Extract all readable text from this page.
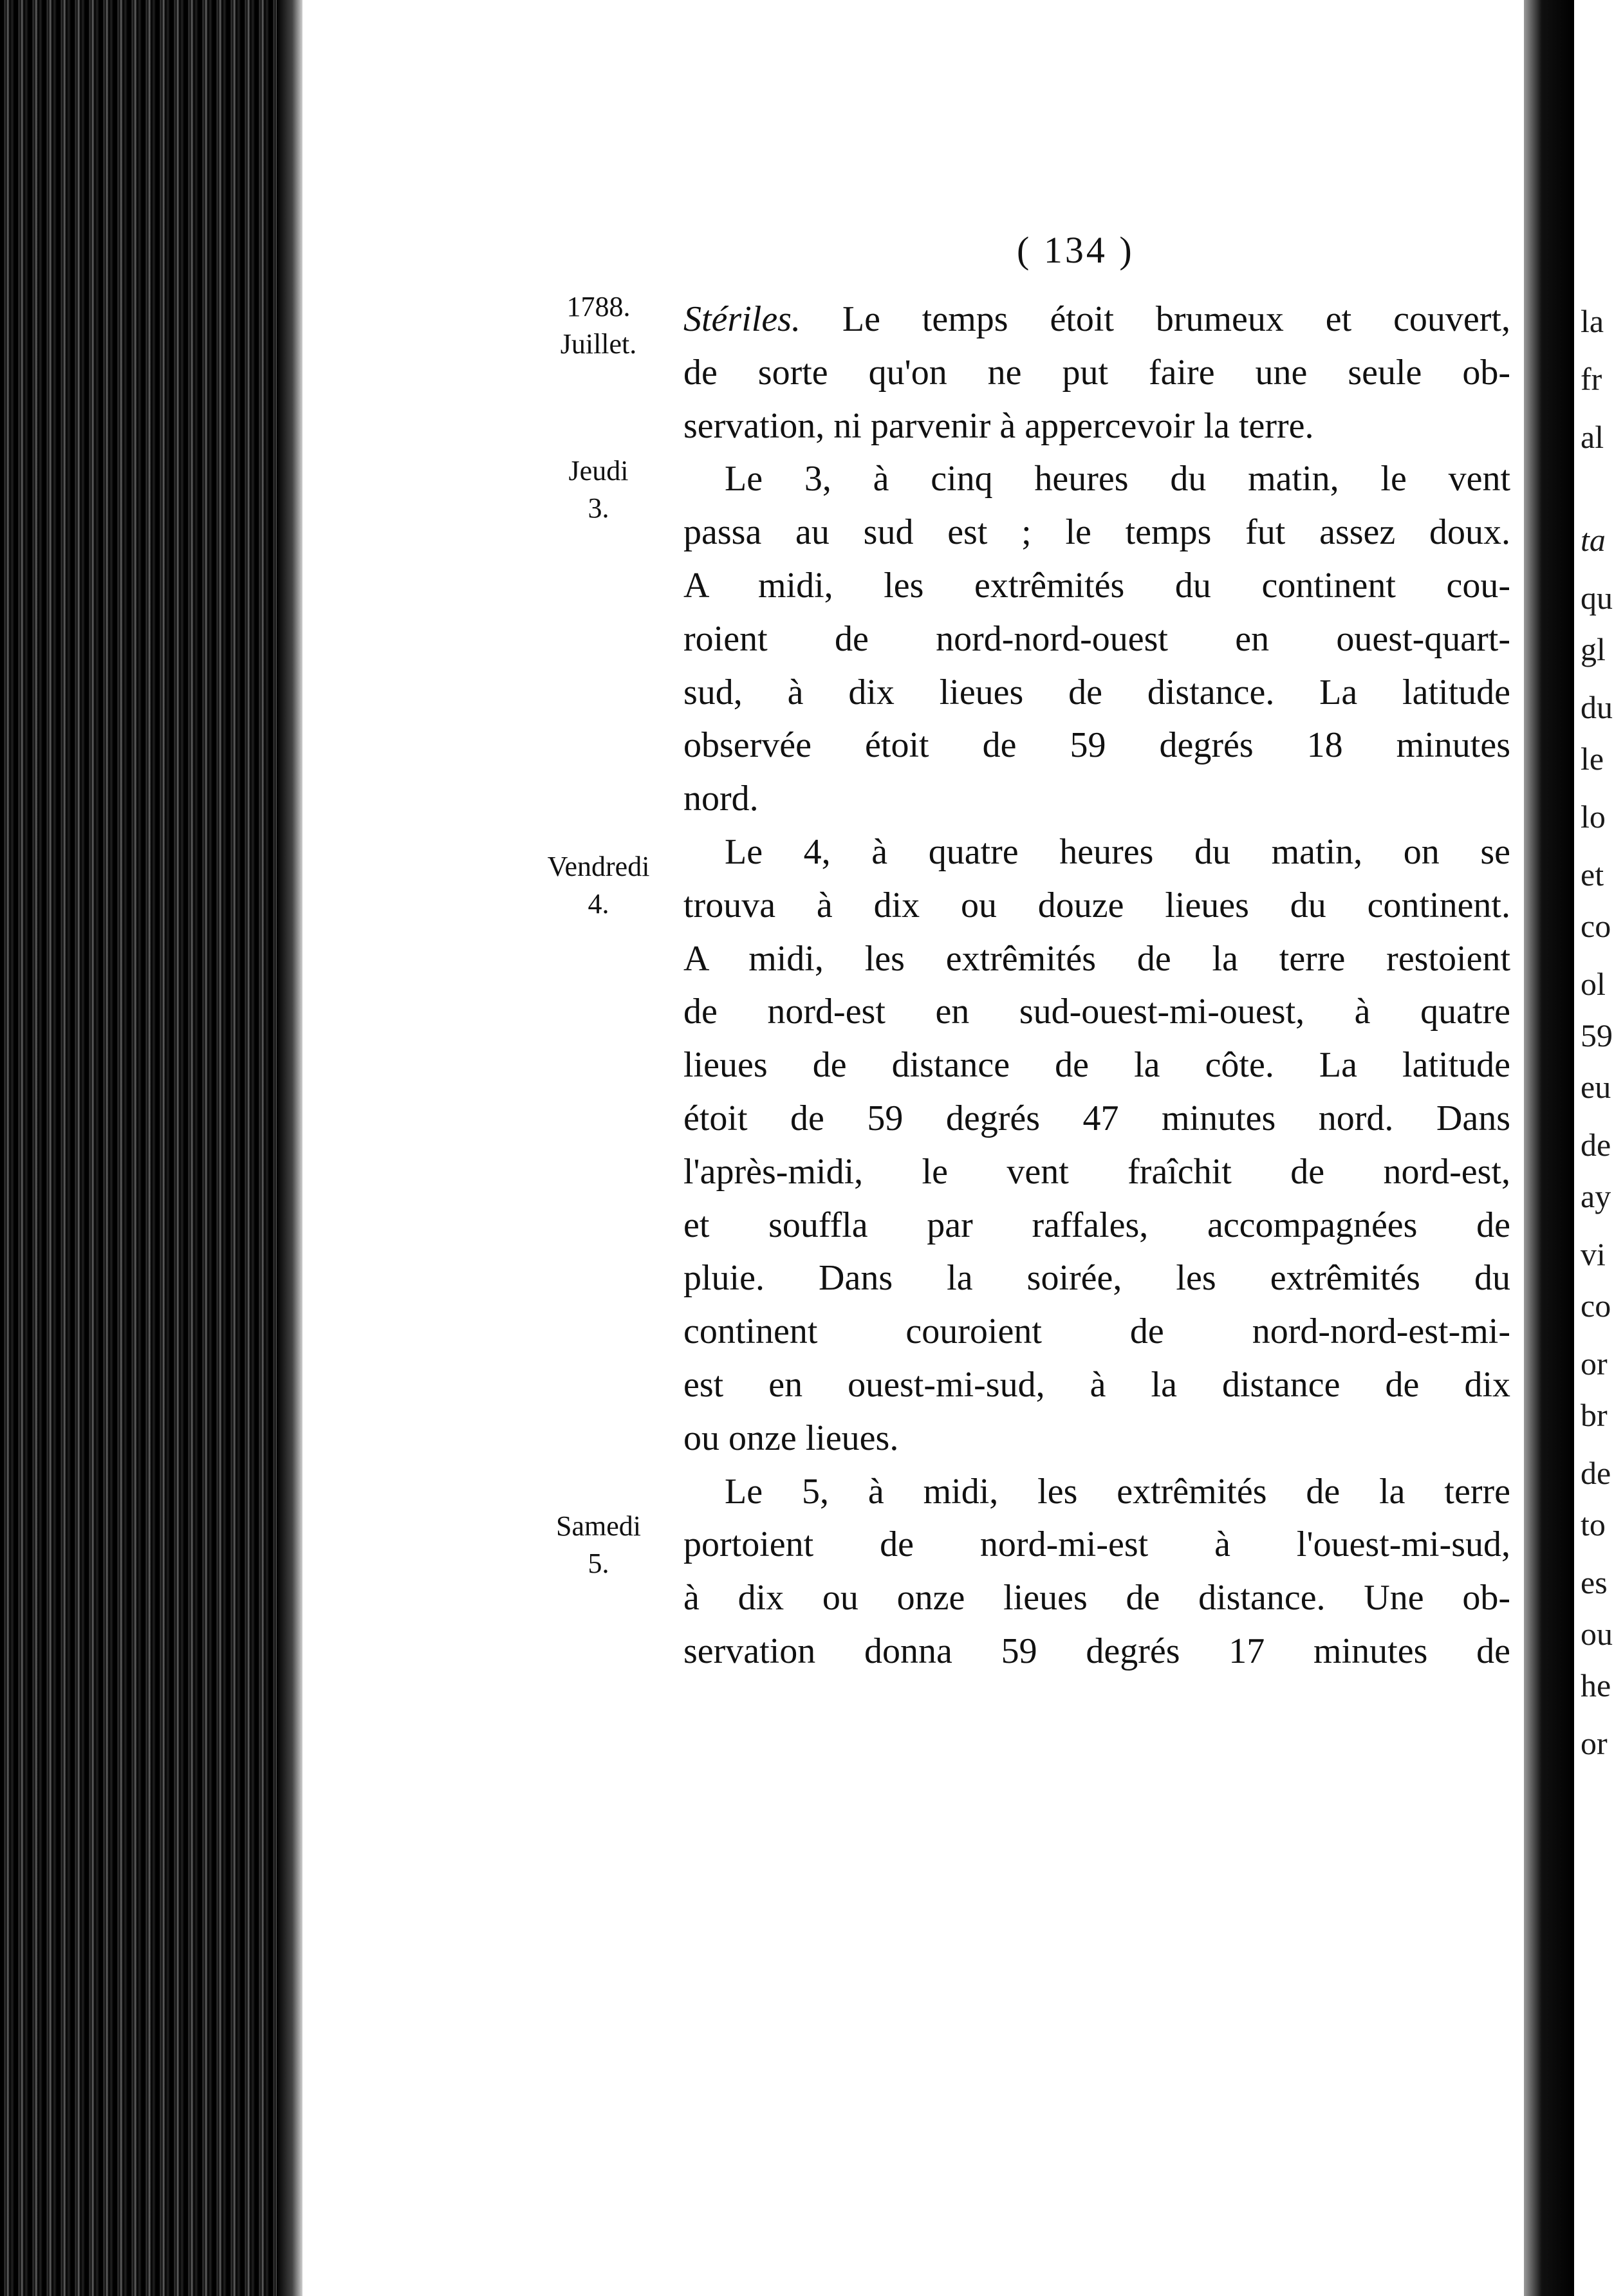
la
fr
al
ta
qu
gl
du
le
lo
et
co
ol
59
eu
de
ay
vi
co
or
br
de
to
es
ou
he
or
( 134 )
1788.
Juillet.
Jeudi
3.
Vendredi
4.
Samedi
5.
Stériles. Le temps étoit brumeux et couvert,
de sorte qu'on ne put faire une seule ob-
servation, ni parvenir à appercevoir la terre.
Le 3, à cinq heures du matin, le vent
passa au sud est ; le temps fut assez doux.
A midi, les extrêmités du continent cou-
roient de nord-nord-ouest en ouest-quart-
sud, à dix lieues de distance. La latitude
observée étoit de 59 degrés 18 minutes
nord.
Le 4, à quatre heures du matin, on se
trouva à dix ou douze lieues du continent.
A midi, les extrêmités de la terre restoient
de nord-est en sud-ouest-mi-ouest, à quatre
lieues de distance de la côte. La latitude
étoit de 59 degrés 47 minutes nord. Dans
l'après-midi, le vent fraîchit de nord-est,
et souffla par raffales, accompagnées de
pluie. Dans la soirée, les extrêmités du
continent couroient de nord-nord-est-mi-
est en ouest-mi-sud, à la distance de dix
ou onze lieues.
Le 5, à midi, les extrêmités de la terre
portoient de nord-mi-est à l'ouest-mi-sud,
à dix ou onze lieues de distance. Une ob-
servation donna 59 degrés 17 minutes de
